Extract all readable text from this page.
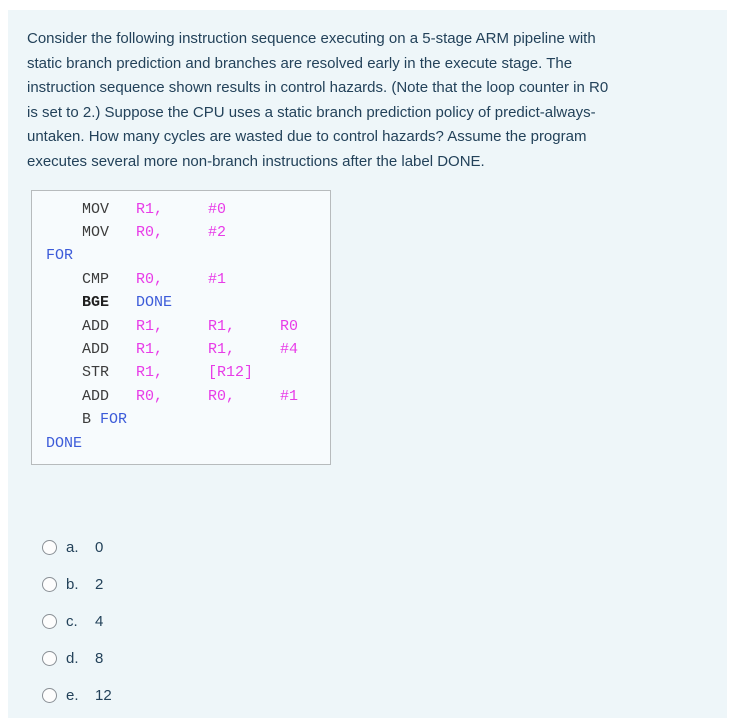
Consider the following instruction sequence executing on a 5-stage ARM pipeline with
static branch prediction and branches are resolved early in the execute stage. The
instruction sequence shown results in control hazards. (Note that the loop counter in R0
is set to 2.) Suppose the CPU uses a static branch prediction policy of predict-always-
untaken. How many cycles are wasted due to control hazards? Assume the program
executes several more non-branch instructions after the label DONE.
MOV   R1,     #0
MOV   R0,     #2
FOR
CMP   R0,     #1
BGE DONE
ADD   R1,     R1,     R0
ADD   R1,     R1,     #4
STR   R1,     [R12]
ADD   R0,     R0,     #1
B FOR
DONE
a.	0
b.	2
c.	4
d.	8
e.	12
